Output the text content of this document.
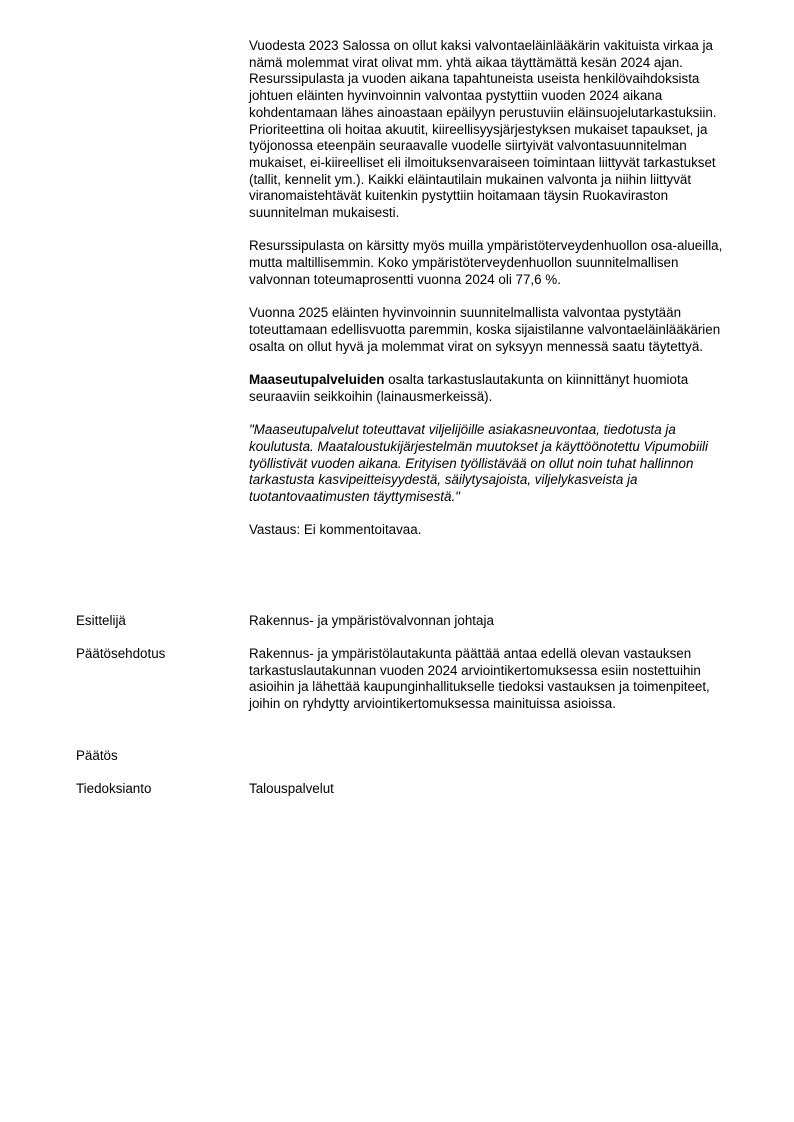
Vuodesta 2023 Salossa on ollut kaksi valvontaeläinlääkärin vakituista virkaa ja nämä molemmat virat olivat mm. yhtä aikaa täyttämättä kesän 2024 ajan. Resurssipulasta ja vuoden aikana tapahtuneista useista henkilövaihdoksista johtuen eläinten hyvinvoinnin valvontaa pystyttiin vuoden 2024 aikana kohdentamaan lähes ainoastaan epäilyyn perustuviin eläinsuojelutarkastuksiin. Prioriteettina oli hoitaa akuutit, kiireellisyysjärjestyksen mukaiset tapaukset, ja työjonossa eteenpäin seuraavalle vuodelle siirtyivät valvontasuunnitelman mukaiset, ei-kiireelliset eli ilmoituksenvaraiseen toimintaan liittyvät tarkastukset (tallit, kennelit ym.). Kaikki eläintautilain mukainen valvonta ja niihin liittyvät viranomaistehtävät kuitenkin pystyttiin hoitamaan täysin Ruokaviraston suunnitelman mukaisesti.

Resurssipulasta on kärsitty myös muilla ympäristöterveydenhuollon osa-alueilla, mutta maltillisemmin. Koko ympäristöterveydenhuollon suunnitelmallisen valvonnan toteumaprosentti vuonna 2024 oli 77,6 %.

Vuonna 2025 eläinten hyvinvoinnin suunnitelmallista valvontaa pystytään toteuttamaan edellisvuotta paremmin, koska sijaistilanne valvontaeläinlääkärien osalta on ollut hyvä ja molemmat virat on syksyyn mennessä saatu täytettyä.

Maaseutupalveluiden osalta tarkastuslautakunta on kiinnittänyt huomiota seuraaviin seikkoihin (lainausmerkeissä).

"Maaseutupalvelut toteuttavat viljelijöille asiakasneuvontaa, tiedotusta ja koulutusta. Maataloustukijärjestelmän muutokset ja käyttöönotettu Vipumobiili työllistivät vuoden aikana. Erityisen työllistävää on ollut noin tuhat hallinnon tarkastusta kasvipeitteisyydestä, säilytysajoista, viljelykasveista ja tuotantovaatimusten täyttymisestä."

Vastaus: Ei kommentoitavaa.

Esittelijä	Rakennus- ja ympäristövalvonnan johtaja
Päätösehdotus	Rakennus- ja ympäristölautakunta päättää antaa edellä olevan vastauksen tarkastuslautakunnan vuoden 2024 arviointikertomuksessa esiin nostettuihin asioihin ja lähettää kaupunginhallitukselle tiedoksi vastauksen ja toimenpiteet, joihin on ryhdytty arviointikertomuksessa mainituissa asioissa.
Päätös
Tiedoksianto	Talouspalvelut
